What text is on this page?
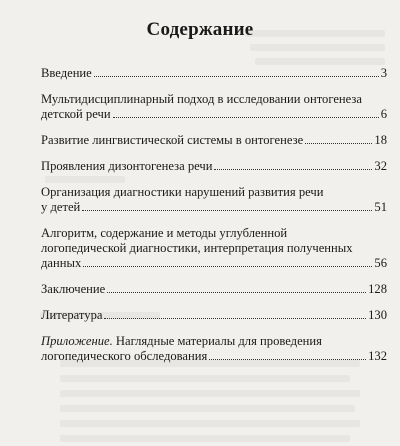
Содержание
Введение	3
Мультидисциплинарный подход в исследовании онтогенеза
детской речи	6
Развитие лингвистической системы в онтогенезе	18
Проявления дизонтогенеза речи	32
Организация диагностики нарушений развития речи
у детей	51
Алгоритм, содержание и методы углубленной
логопедической диагностики, интерпретация полученных
данных	56
Заключение	128
Литература	130
Приложение. Наглядные материалы для проведения
логопедического обследования	132
